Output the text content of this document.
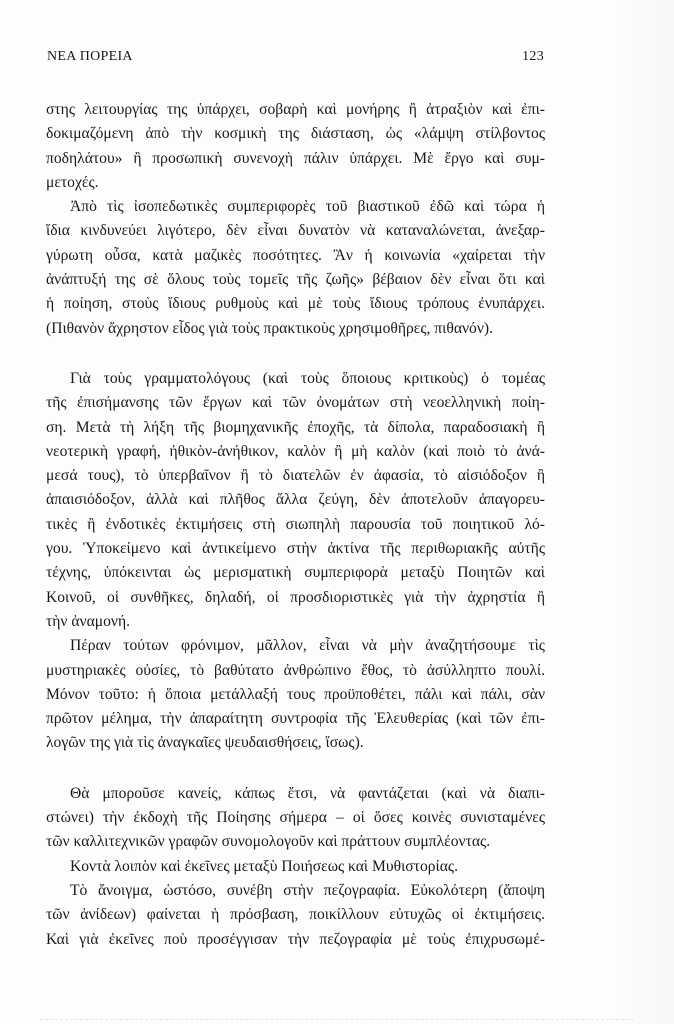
ΝΕΑ ΠΟΡΕΙΑ	123
στης λειτουργίας της ὑπάρχει, σοβαρὴ καὶ μονήρης ἢ ἀτραξιὸν καὶ ἐπι-
δοκιμαζόμενη ἀπὸ τὴν κοσμικὴ της διάσταση, ὡς «λάμψη στίλβοντος
ποδηλάτου» ἢ προσωπικὴ συνενοχὴ πάλιν ὑπάρχει. Μὲ ἔργο καὶ συμ-
μετοχές.
Ἀπὸ τὶς ἰσοπεδωτικὲς συμπεριφορὲς τοῦ βιαστικοῦ ἐδῶ καὶ τώρα ἡ
ἴδια κινδυνεύει λιγότερο, δὲν εἶναι δυνατὸν νὰ καταναλώνεται, ἀνεξαρ-
γύρωτη οὖσα, κατὰ μαζικὲς ποσότητες. Ἂν ἡ κοινωνία «χαίρεται τὴν
ἀνάπτυξή της σὲ ὅλους τοὺς τομεῖς τῆς ζωῆς» βέβαιον δὲν εἶναι ὅτι καὶ
ἡ ποίηση, στοὺς ἴδιους ρυθμοὺς καὶ μὲ τοὺς ἴδιους τρόπους ἐνυπάρχει.
(Πιθανὸν ἄχρηστον εἶδος γιὰ τοὺς πρακτικοὺς χρησιμοθῆρες, πιθανόν).
Γιὰ τοὺς γραμματολόγους (καὶ τοὺς ὅποιους κριτικοὺς) ὁ τομέας
τῆς ἐπισήμανσης τῶν ἔργων καὶ τῶν ὀνομάτων στὴ νεοελληνικὴ ποίη-
ση. Μετὰ τὴ λήξη τῆς βιομηχανικῆς ἐποχῆς, τὰ δίπολα, παραδοσιακὴ ἢ
νεοτερικὴ γραφή, ἠθικὸν-ἀνήθικον, καλὸν ἢ μὴ καλὸν (καὶ ποιὸ τὸ ἀνά-
μεσά τους), τὸ ὑπερβαῖνον ἢ τὸ διατελῶν ἐν ἀφασία, τὸ αἰσιόδοξον ἢ
ἀπαισιόδοξον, ἀλλὰ καὶ πλῆθος ἄλλα ζεύγη, δὲν ἀποτελοῦν ἀπαγορευ-
τικὲς ἢ ἐνδοτικὲς ἐκτιμήσεις στὴ σιωπηλὴ παρουσία τοῦ ποιητικοῦ λό-
γου. Ὑποκείμενο καὶ ἀντικείμενο στὴν ἀκτίνα τῆς περιθωριακῆς αὐτῆς
τέχνης, ὑπόκεινται ὡς μερισματικὴ συμπεριφορὰ μεταξὺ Ποιητῶν καὶ
Κοινοῦ, οἱ συνθῆκες, δηλαδή, οἱ προσδιοριστικὲς γιὰ τὴν ἀχρηστία ἢ
τὴν ἀναμονή.
Πέραν τούτων φρόνιμον, μᾶλλον, εἶναι νὰ μὴν ἀναζητήσουμε τὶς
μυστηριακὲς οὐσίες, τὸ βαθύτατο ἀνθρώπινο ἔθος, τὸ ἀσύλληπτο πουλί.
Μόνον τοῦτο: ἡ ὅποια μετάλλαξή τους προϋποθέτει, πάλι καὶ πάλι, σὰν
πρῶτον μέλημα, τὴν ἀπαραίτητη συντροφία τῆς Ἐλευθερίας (καὶ τῶν ἐπι-
λογῶν της γιὰ τὶς ἀναγκαῖες ψευδαισθήσεις, ἴσως).
Θὰ μποροῦσε κανείς, κάπως ἔτσι, νὰ φαντάζεται (καὶ νὰ διαπι-
στώνει) τὴν ἐκδοχὴ τῆς Ποίησης σήμερα – οἱ ὅσες κοινὲς συνισταμένες
τῶν καλλιτεχνικῶν γραφῶν συνομολογοῦν καὶ πράττουν συμπλέοντας.
Κοντὰ λοιπὸν καὶ ἐκεῖνες μεταξὺ Ποιήσεως καὶ Μυθιστορίας.
Τὸ ἄνοιγμα, ὡστόσο, συνέβη στὴν πεζογραφία. Εὐκολότερη (ἄποψη
τῶν ἀνίδεων) φαίνεται ἡ πρόσβαση, ποικίλλουν εὐτυχῶς οἱ ἐκτιμήσεις.
Καὶ γιὰ ἐκεῖνες ποὺ προσέγγισαν τὴν πεζογραφία μὲ τοὺς ἐπιχρυσωμέ-
